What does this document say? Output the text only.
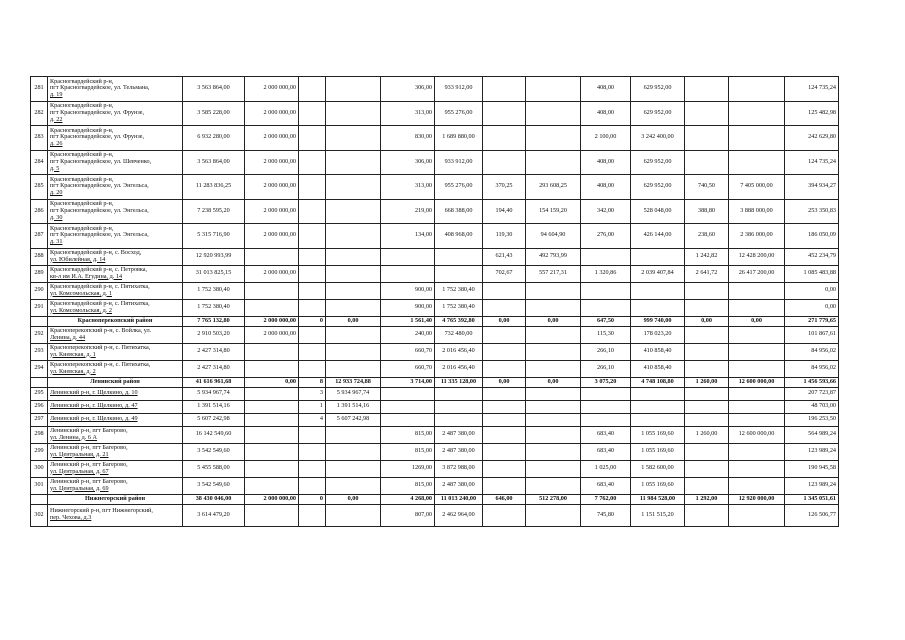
281	Красногвардейский р-н,
пгт Красногвардейское, ул. Тельмана,
д. 19	3 563 864,00	2 000 000,00			306,00	933 912,00			408,00	629 952,00			124 735,24
282	Красногвардейский р-н,
пгт Красногвардейское, ул. Фрунзе,
д. 22	3 585 228,00	2 000 000,00			313,00	955 276,00			408,00	629 952,00			125 482,98
283	Красногвардейский р-н,
пгт Красногвардейское, ул. Фрунзе,
д. 26	6 932 280,00	2 000 000,00			830,00	1 689 880,00			2 100,00	3 242 400,00			242 629,80
284	Красногвардейский р-н,
пгт Красногвардейское, ул. Шевченко,
д. 5	3 563 864,00	2 000 000,00			306,00	933 912,00			408,00	629 952,00			124 735,24
285	Красногвардейский р-н,
пгт Красногвардейское, ул. Энгельса,
д. 20	11 283 836,25	2 000 000,00			313,00	955 276,00	370,25	293 608,25	408,00	629 952,00	740,50	7 405 000,00	394 934,27
286	Красногвардейский р-н,
пгт Красногвардейское, ул. Энгельса,
д. 30	7 238 595,20	2 000 000,00			219,00	668 388,00	194,40	154 159,20	342,00	528 048,00	388,80	3 888 000,00	253 350,83
287	Красногвардейский р-н,
пгт Красногвардейское, ул. Энгельса,
д. 31	5 315 716,90	2 000 000,00			134,00	408 968,00	119,30	94 604,90	276,00	426 144,00	238,60	2 386 000,00	186 050,09
288	Красногвардейский р-н, с. Восход,
ул. Юбилейная, д. 14	12 920 993,99						621,43	492 793,99			1 242,82	12 428 200,00	452 234,79
289	Красногвардейский р-н, с. Петровка,
кв-л им И.А. Егудина, д. 14	31 013 825,15	2 000 000,00					702,67	557 217,31	1 320,86	2 039 407,84	2 641,72	26 417 200,00	1 085 483,88
290	Красногвардейский р-н, с. Пятихатка,
ул. Комсомольская, д. 1	1 752 380,40				900,00	1 752 380,40							0,00
291	Красногвардейский р-н, с. Пятихатка,
ул. Комсомольская, д. 2	1 752 380,40				900,00	1 752 380,40							0,00
	Красноперекопский район	7 765 132,80	2 000 000,00	0	0,00	1 561,40	4 765 392,80	0,00	0,00	647,50	999 740,00	0,00	0,00	271 779,65
292	Красноперекопский р-н, с. Войлка, ул.
Ленина, д. 44	2 910 503,20	2 000 000,00			240,00	732 480,00			115,30	178 023,20			101 867,61
293	Красноперекопский р-н, с. Пятихатка,
ул. Киевская, д. 1	2 427 314,80				660,70	2 016 456,40			266,10	410 858,40			84 956,02
294	Красноперекопский р-н, с. Пятихатка,
ул. Киевская, д. 2	2 427 314,80				660,70	2 016 456,40			266,10	410 858,40			84 956,02
	Ленинский район	41 616 961,68	0,00	8	12 933 724,88	3 714,00	11 335 128,00	0,00	0,00	3 075,20	4 748 108,80	1 260,00	12 600 000,00	1 456 593,66
295	Ленинский р-н, г. Щелкино, д. 10	5 934 967,74		3	5 934 967,74									207 723,87
296	Ленинский р-н, г. Щелкино, д. 47	1 391 514,16		1	1 391 514,16									48 703,00
297	Ленинский р-н, г. Щелкино, д. 49	5 607 242,98		4	5 607 242,98									196 253,50
298	Ленинский р-н, пгт Багерово,
ул. Ленина, д. 6 А	16 142 549,60				815,00	2 487 380,00			683,40	1 055 169,60	1 260,00	12 600 000,00	564 989,24
299	Ленинский р-н, пгт Багерово,
ул. Центральная, д. 21	3 542 549,60				815,00	2 487 380,00			683,40	1 055 169,60			123 989,24
300	Ленинский р-н, пгт Багерово,
ул. Центральная, д. 67	5 455 588,00				1269,00	3 872 988,00			1 025,00	1 582 600,00			190 945,58
301	Ленинский р-н, пгт Багерово,
ул. Центральная, д. 69	3 542 549,60				815,00	2 487 380,00			683,40	1 055 169,60			123 989,24
	Нижнегорский район	38 430 046,00	2 000 000,00	0	0,00	4 268,00	11 013 240,00	646,00	512 278,00	7 762,00	11 984 528,00	1 292,00	12 920 000,00	1 345 051,61
302	Нижнегорский р-н, пгт Нижнегорский,
пер. Чехова, д.3	3 614 479,20				807,00	2 462 964,00			745,80	1 151 515,20			126 506,77
